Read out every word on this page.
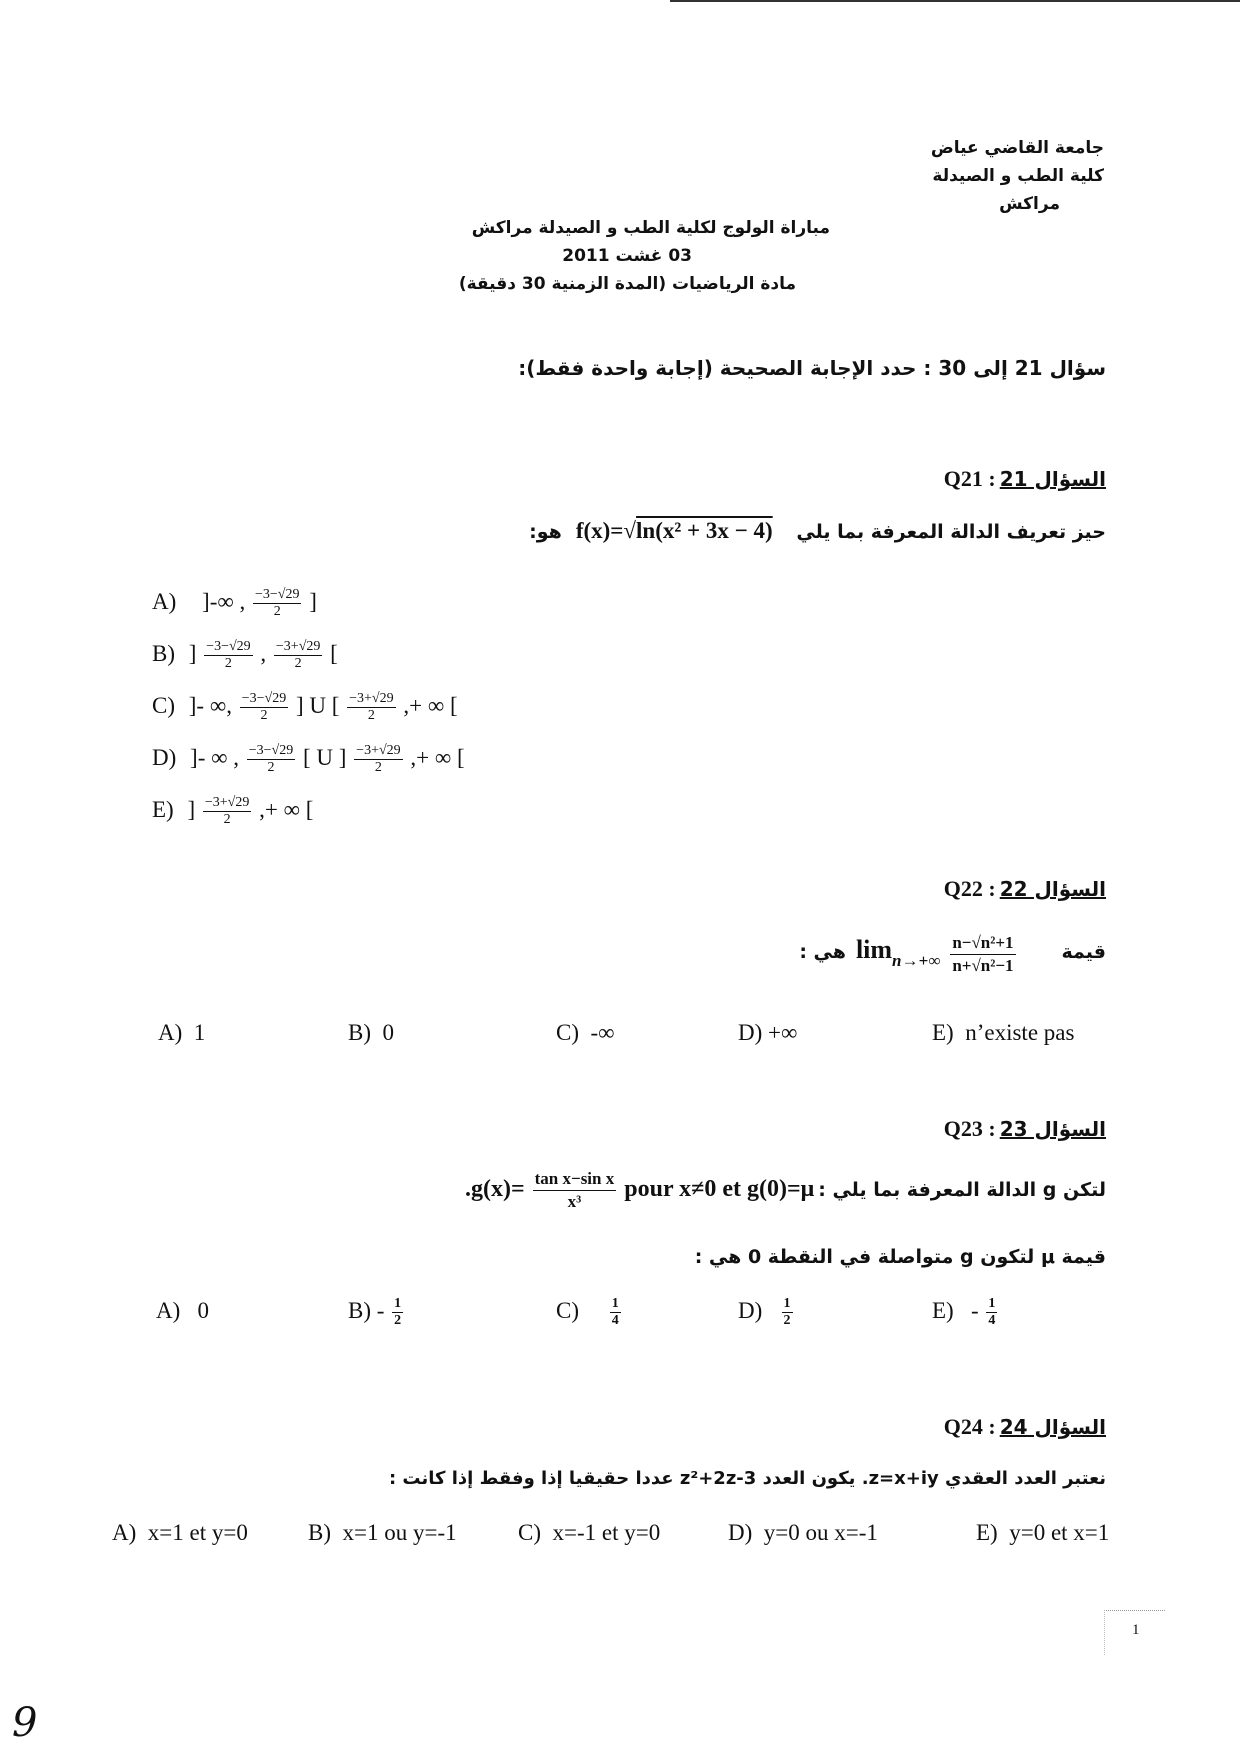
جامعة القاضي عياض
كلية الطب و الصيدلة
مراكش
مباراة الولوج لكلية الطب و الصيدلة مراكش
03 غشت 2011
مادة الرياضيات (المدة الزمنية 30 دقيقة)
سؤال 21 إلى 30 : حدد الإجابة الصحيحة (إجابة واحدة فقط):
Q21 : السؤال 21
حيز تعريف الدالة المعرفة بما يلي f(x)=√ln(x² + 3x − 4) هو:
A) ]-∞ , $\frac{-3-√29}{2}$ ]
B) ] $\frac{-3-√29}{2}$ , $\frac{-3+√29}{2}$ [
C) ]- ∞, $\frac{-3-√29}{2}$ ] U [ $\frac{-3+√29}{2}$ ,+ ∞ [
D) ]- ∞ , $\frac{-3-√29}{2}$ [ U ] $\frac{-3+√29}{2}$ ,+ ∞ [
E) ] $\frac{-3+√29}{2}$ ,+ ∞ [
Q22 : السؤال 22
قيمة $\lim n\to+\infty \frac{\text{n−√n²+1}}{\text{n+√n²−1}}$
هي :
A) 1	B) 0	C) -∞	D) +∞	E) n’existe pas
Q23 : السؤال 23
لتكن g الدالة المعرفة بما يلي : $.g(x)= \frac{\text{tan x−sin x}}{\text{x³}}$ pour x≠0 et g(0)=μ
قيمة μ لتكون g متواصلة في النقطة 0 هي :
A) 0	$B) - \frac{1}{2}$	$C) \frac{1}{4}$	$D) \frac{1}{2}$	$E) - \frac{1}{4}$
Q24 : السؤال 24
نعتبر العدد العقدي z=x+iy. يكون العدد z²+2z-3 عددا حقيقيا إذا وفقط إذا كانت :
A) x=1 et y=0	B) x=1 ou y=-1	C) x=-1 et y=0	D) y=0 ou x=-1	E) y=0 et x=1
1
9
